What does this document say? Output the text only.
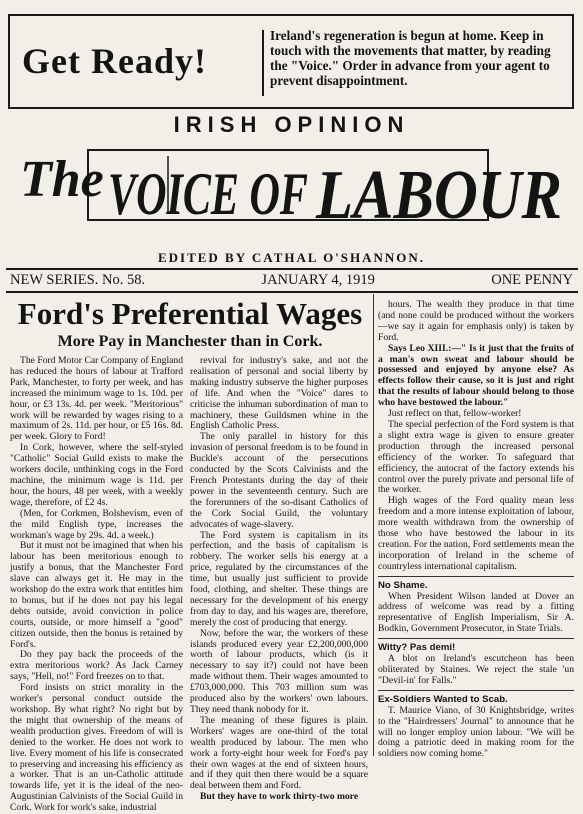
Get Ready!
Ireland's regeneration is begun at home. Keep in touch with the movements that matter, by reading the "Voice." Order in advance from your agent to prevent disappointment.
IRISH OPINION
The VOICE OF LABOUR
EDITED BY CATHAL O'SHANNON.
NEW SERIES. No. 58.	JANUARY 4, 1919	ONE PENNY
Ford's Preferential Wages
More Pay in Manchester than in Cork.

The Ford Motor Car Company of England has reduced the hours of labour at Trafford Park, Manchester, to forty per week, and has increased the minimum wage to 1s. 10d. per hour, or £3 13s. 4d. per week. "Meritorious" work will be rewarded by wages rising to a maximum of 2s. 11d. per hour, or £5 16s. 8d. per week. Glory to Ford!

In Cork, however, where the self-styled "Catholic" Social Guild exists to make the workers docile, unthinking cogs in the Ford machine, the minimum wage is 11d. per hour, the hours, 48 per week, with a weekly wage, therefore, of £2 4s.

(Men, for Corkmen, Bolshevism, even of the mild English type, increases the workman's wage by 29s. 4d. a week.)

But it must not be imagined that when his labour has been meritorious enough to justify a bonus, that the Manchester Ford slave can always get it. He may in the workshop do the extra work that entitles him to bonus, but if he does not pay his legal debts outside, avoid conviction in police courts, outside, or more himself a "good" citizen outside, then the bonus is retained by Ford's.

Do they pay back the proceeds of the extra meritorious work? As Jack Carney says, "Hell, no!" Ford freezes on to that.

Ford insists on strict morality in the worker's personal conduct outside the workshop. By what right? No right but by the might that ownership of the means of wealth production gives. Freedom of will is denied to the worker. He does not work to live. Every moment of his life is consecrated to preserving and increasing his efficiency as a worker. That is an un-Catholic attitude towards life, yet it is the ideal of the neo-Augustinian Calvinists of the Social Guild in Cork. Work for work's sake, industrial

revival for industry's sake, and not the realisation of personal and social liberty by making industry subserve the higher purposes of life. And when the "Voice" dares to criticise the inhuman subordination of man to machinery, these Guildsmen whine in the English Catholic Press.

The only parallel in history for this invasion of personal freedom is to be found in Buckle's account of the persecutions conducted by the Scots Calvinists and the French Protestants during the day of their power in the seventeenth century. Such are the forerunners of the so-disant Catholics of the Cork Social Guild, the voluntary advocates of wage-slavery.

The Ford system is capitalism in its perfection, and the basis of capitalism is robbery. The worker sells his energy at a price, regulated by the circumstances of the time, but usually just sufficient to provide food, clothing, and shelter. These things are necessary for the development of his energy from day to day, and his wages are, therefore, merely the cost of producing that energy.

Now, before the war, the workers of these islands produced every year £2,200,000,000 worth of labour products, which (is it necessary to say it?) could not have been made without them. Their wages amounted to £703,000,000. This 703 million sum was produced also by the workers' own labours. They need thank nobody for it.

The meaning of these figures is plain. Workers' wages are one-third of the total wealth produced by labour. The men who work a forty-eight hour week for Ford's pay their own wages at the end of sixteen hours, and if they quit then there would be a square deal between them and Ford.

But they have to work thirty-two more

hours. The wealth they produce in that time (and none could be produced without the workers—we say it again for emphasis only) is taken by Ford.

Says Leo XIII.:—" Is it just that the fruits of a man's own sweat and labour should be possessed and enjoyed by anyone else? As effects follow their cause, so it is just and right that the results of labour should belong to those who have bestowed the labour."

Just reflect on that, fellow-worker!

The special perfection of the Ford system is that a slight extra wage is given to ensure greater production through the increased personal efficiency of the worker. To safeguard that efficiency, the autocrat of the factory extends his control over the purely private and personal life of the worker.

High wages of the Ford quality mean less freedom and a more intense exploitation of labour, more wealth withdrawn from the ownership of those who have bestowed the labour in its creation. For the nation, Ford settlements mean the incorporation of Ireland in the scheme of countryless international capitalism.

No Shame.

When President Wilson landed at Dover an address of welcome was read by a fitting representative of English Imperialism, Sir A. Bodkin, Government Prosecutor, in State Trials.

Witty? Pas demi!

A blot on Ireland's escutcheon has been obliterated by Staines. We reject the stale 'un "Devil-in' for Falls."

Ex-Soldiers Wanted to Scab.

T. Maurice Viano, of 30 Knightsbridge, writes to the "Hairdressers' Journal" to announce that he will no longer employ union labour. "We will be doing a patriotic deed in making room for the soldiers now coming home."
